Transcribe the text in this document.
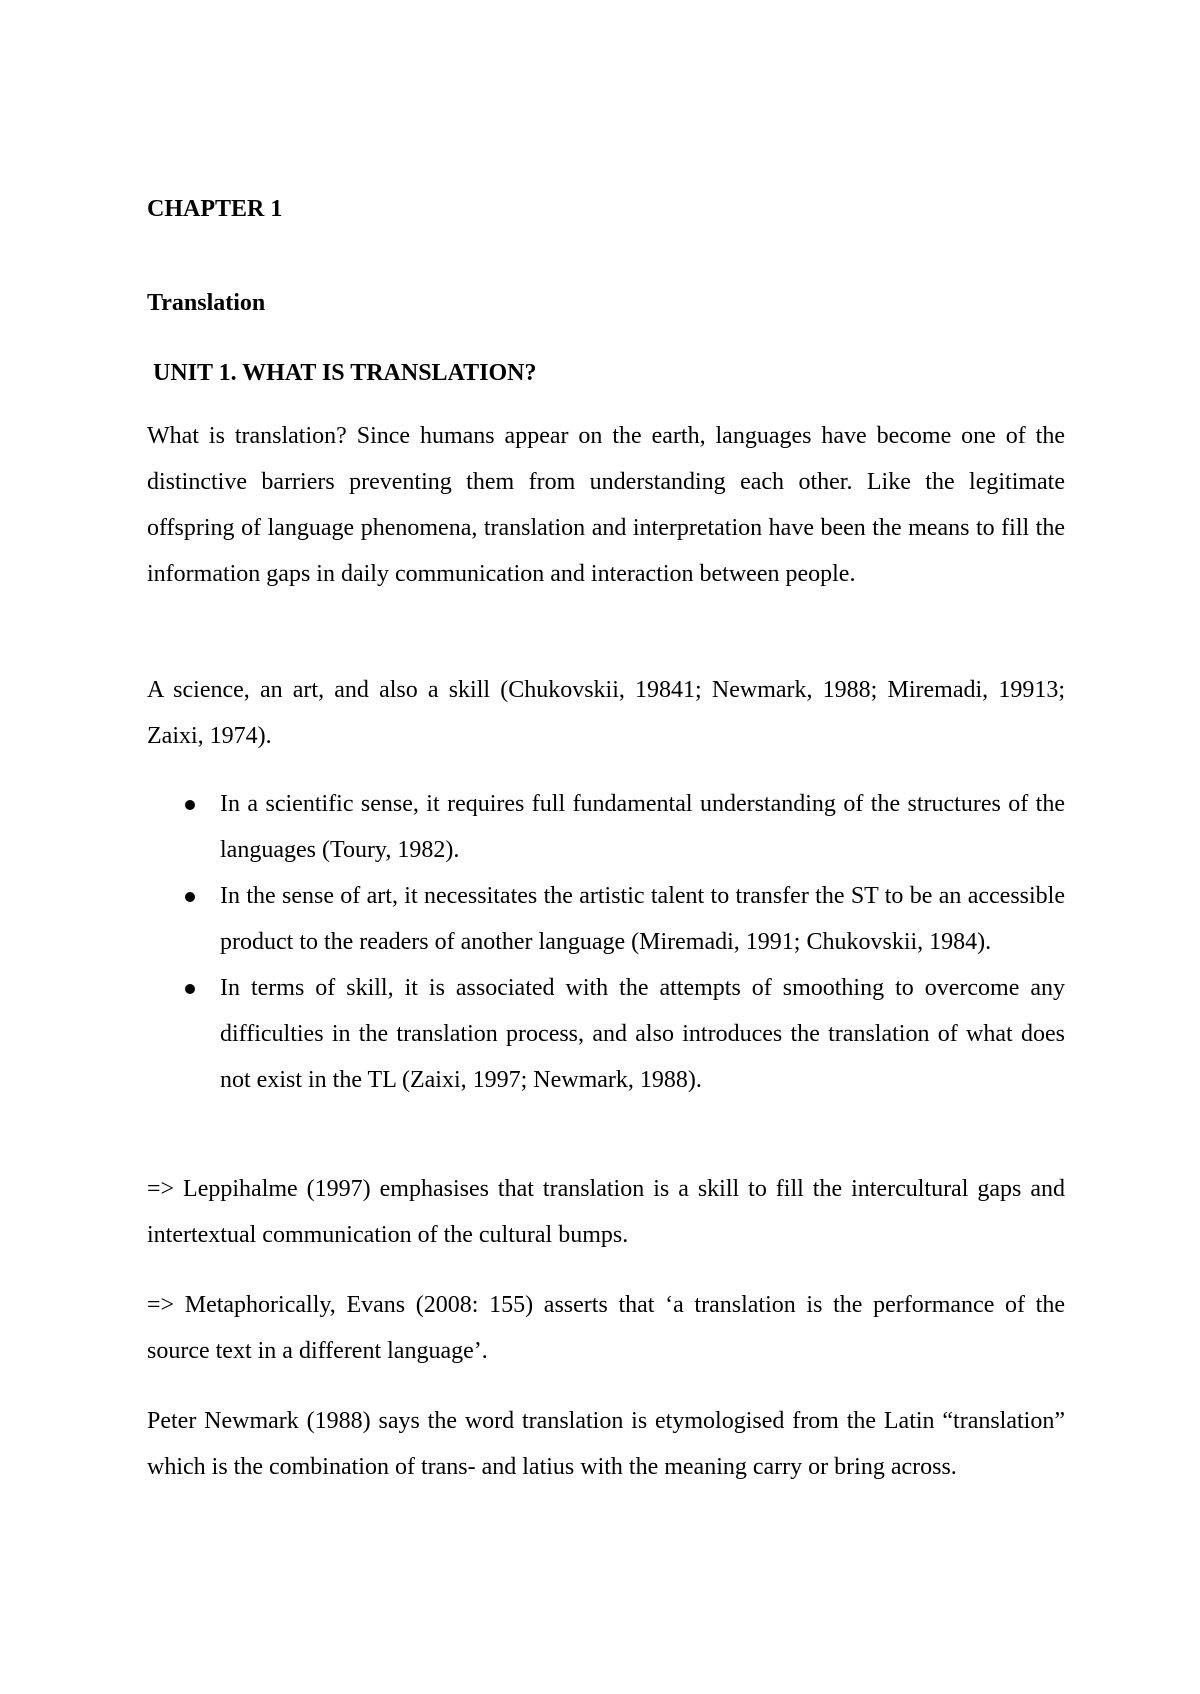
CHAPTER 1
Translation
UNIT 1. WHAT IS TRANSLATION?

What is translation? Since humans appear on the earth, languages have become one of the distinctive barriers preventing them from understanding each other. Like the legitimate offspring of language phenomena, translation and interpretation have been the means to fill the information gaps in daily communication and interaction between people.

A science, an art, and also a skill (Chukovskii, 19841; Newmark, 1988; Miremadi, 19913; Zaixi, 1974).

In a scientific sense, it requires full fundamental understanding of the structures of the languages (Toury, 1982).
In the sense of art, it necessitates the artistic talent to transfer the ST to be an accessible product to the readers of another language (Miremadi, 1991; Chukovskii, 1984).
In terms of skill, it is associated with the attempts of smoothing to overcome any difficulties in the translation process, and also introduces the translation of what does not exist in the TL (Zaixi, 1997; Newmark, 1988).

=> Leppihalme (1997) emphasises that translation is a skill to fill the intercultural gaps and intertextual communication of the cultural bumps.

=> Metaphorically, Evans (2008: 155) asserts that ‘a translation is the performance of the source text in a different language’.

Peter Newmark (1988) says the word translation is etymologised from the Latin “translation” which is the combination of trans- and latius with the meaning carry or bring across.
